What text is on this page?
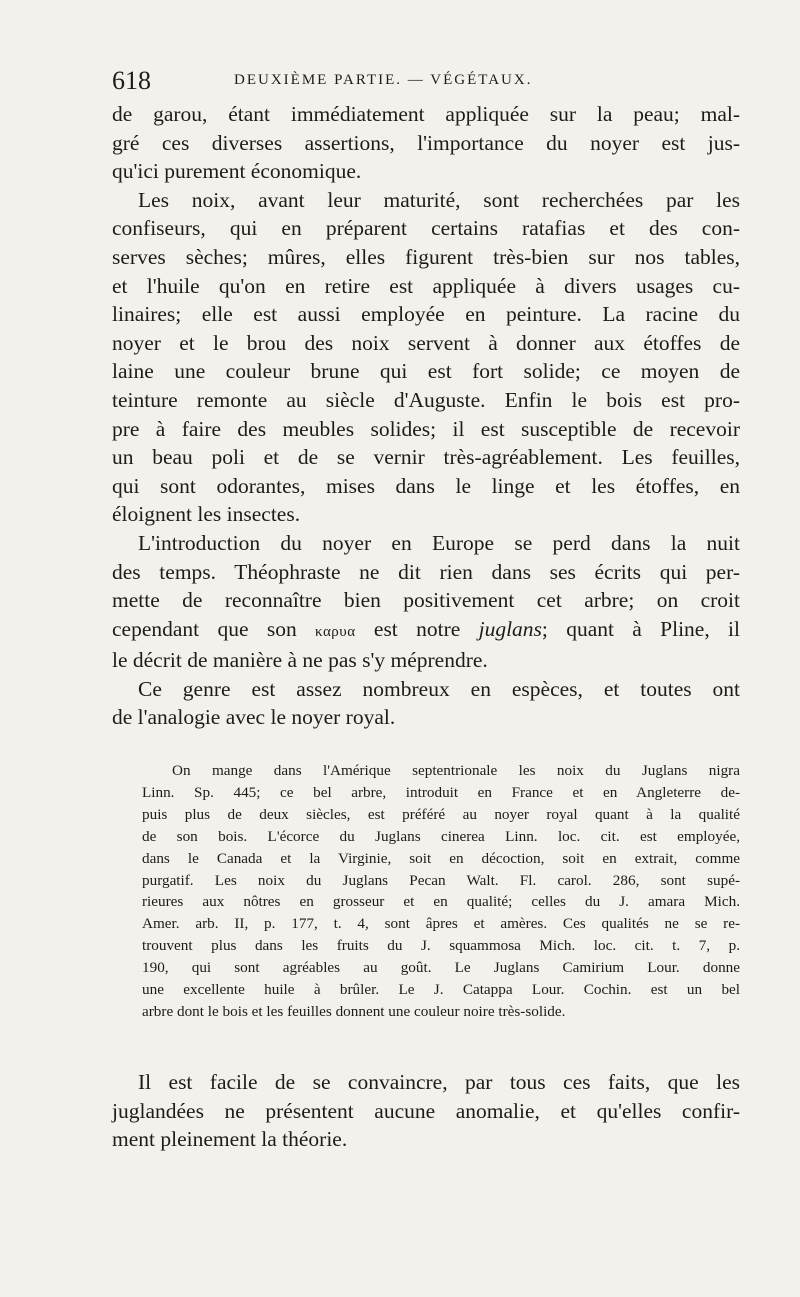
618	DEUXIÈME PARTIE. — VÉGÉTAUX.
de garou, étant immédiatement appliquée sur la peau; mal-
gré ces diverses assertions, l'importance du noyer est jus-
qu'ici purement économique.
Les noix, avant leur maturité, sont recherchées par les
confiseurs, qui en préparent certains ratafias et des con-
serves sèches; mûres, elles figurent très-bien sur nos tables,
et l'huile qu'on en retire est appliquée à divers usages cu-
linaires; elle est aussi employée en peinture. La racine du
noyer et le brou des noix servent à donner aux étoffes de
laine une couleur brune qui est fort solide; ce moyen de
teinture remonte au siècle d'Auguste. Enfin le bois est pro-
pre à faire des meubles solides; il est susceptible de recevoir
un beau poli et de se vernir très-agréablement. Les feuilles,
qui sont odorantes, mises dans le linge et les étoffes, en
éloignent les insectes.
L'introduction du noyer en Europe se perd dans la nuit
des temps. Théophraste ne dit rien dans ses écrits qui per-
mette de reconnaître bien positivement cet arbre; on croit
cependant que son καρυα est notre juglans; quant à Pline, il
le décrit de manière à ne pas s'y méprendre.
Ce genre est assez nombreux en espèces, et toutes ont
de l'analogie avec le noyer royal.
On mange dans l'Amérique septentrionale les noix du Juglans nigra
Linn. Sp. 445; ce bel arbre, introduit en France et en Angleterre de-
puis plus de deux siècles, est préféré au noyer royal quant à la qualité
de son bois. L'écorce du Juglans cinerea Linn. loc. cit. est employée,
dans le Canada et la Virginie, soit en décoction, soit en extrait, comme
purgatif. Les noix du Juglans Pecan Walt. Fl. carol. 286, sont supé-
rieures aux nôtres en grosseur et en qualité; celles du J. amara Mich.
Amer. arb. II, p. 177, t. 4, sont âpres et amères. Ces qualités ne se re-
trouvent plus dans les fruits du J. squammosa Mich. loc. cit. t. 7, p.
190, qui sont agréables au goût. Le Juglans Camirium Lour. donne
une excellente huile à brûler. Le J. Catappa Lour. Cochin. est un bel
arbre dont le bois et les feuilles donnent une couleur noire très-solide.
Il est facile de se convaincre, par tous ces faits, que les
juglandées ne présentent aucune anomalie, et qu'elles confir-
ment pleinement la théorie.
